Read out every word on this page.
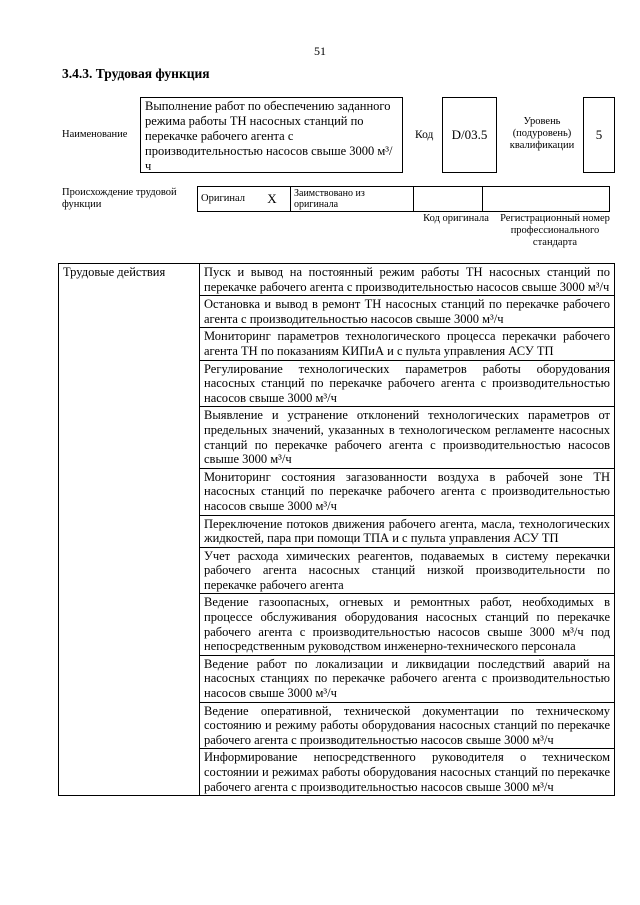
51
3.4.3. Трудовая функция
Наименование
Выполнение работ по обеспечению заданного режима работы ТН насосных станций по перекачке рабочего агента с производительностью насосов свыше 3000 м³/ч
Код	D/03.5
Уровень (подуровень) квалификации
5
Происхождение трудовой функции
Оригинал	X	Заимствовано из оригинала		
Код оригинала	Регистрационный номер профессионального стандарта
Трудовые действия	Пуск и вывод на постоянный режим работы ТН насосных станций по перекачке рабочего агента с производительностью насосов свыше 3000 м³/ч
Остановка и вывод в ремонт ТН насосных станций по перекачке рабочего агента с производительностью насосов свыше 3000 м³/ч
Мониторинг параметров технологического процесса перекачки рабочего агента ТН по показаниям КИПиА и с пульта управления АСУ ТП
Регулирование технологических параметров работы оборудования насосных станций по перекачке рабочего агента с производительностью насосов свыше 3000 м³/ч
Выявление и устранение отклонений технологических параметров от предельных значений, указанных в технологическом регламенте насосных станций по перекачке рабочего агента с производительностью насосов свыше 3000 м³/ч
Мониторинг состояния загазованности воздуха в рабочей зоне ТН насосных станций по перекачке рабочего агента с производительностью насосов свыше 3000 м³/ч
Переключение потоков движения рабочего агента, масла, технологических жидкостей, пара при помощи ТПА и с пульта управления АСУ ТП
Учет расхода химических реагентов, подаваемых в систему перекачки рабочего агента насосных станций низкой производительности по перекачке рабочего агента
Ведение газоопасных, огневых и ремонтных работ, необходимых в процессе обслуживания оборудования насосных станций по перекачке рабочего агента с производительностью насосов свыше 3000 м³/ч под непосредственным руководством инженерно-технического персонала
Ведение работ по локализации и ликвидации последствий аварий на насосных станциях по перекачке рабочего агента с производительностью насосов свыше 3000 м³/ч
Ведение оперативной, технической документации по техническому состоянию и режиму работы оборудования насосных станций по перекачке рабочего агента с производительностью насосов свыше 3000 м³/ч
Информирование непосредственного руководителя о техническом состоянии и режимах работы оборудования насосных станций по перекачке рабочего агента с производительностью насосов свыше 3000 м³/ч
